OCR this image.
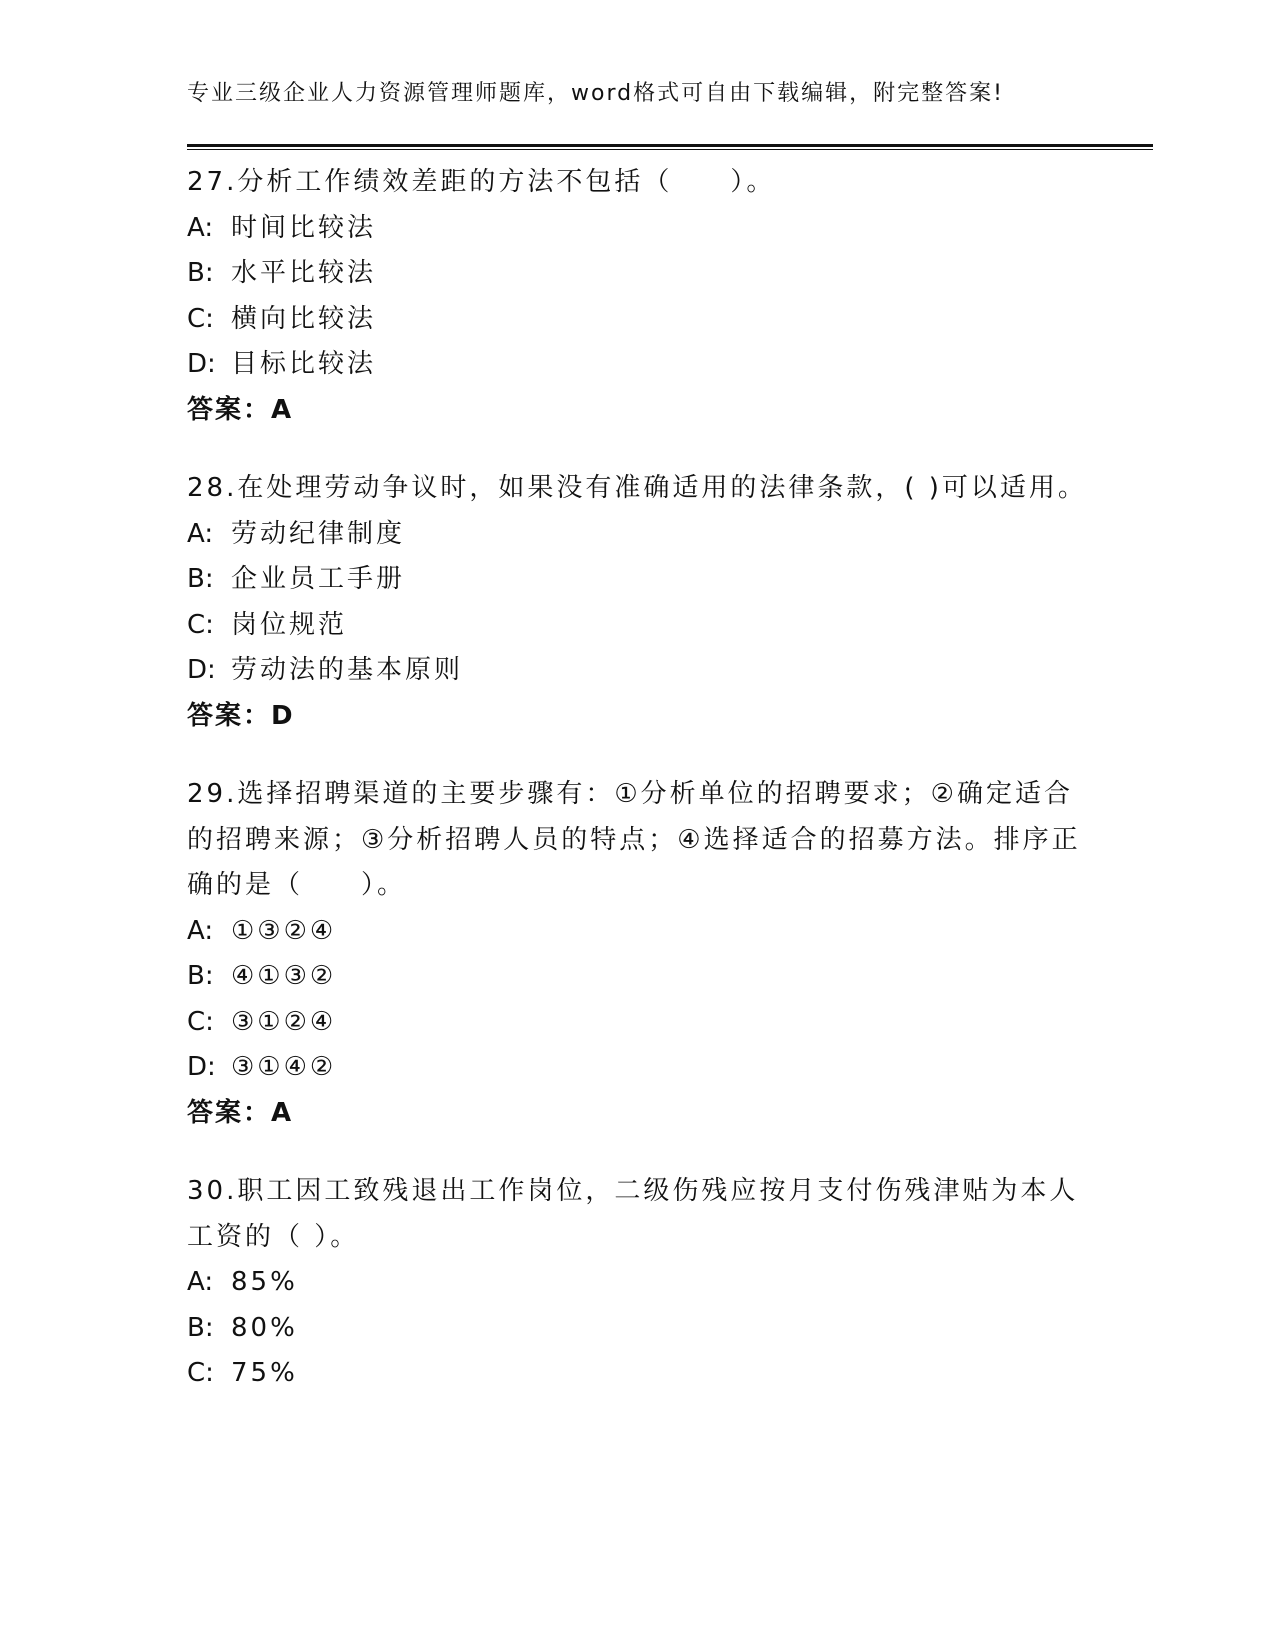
专业三级企业人力资源管理师题库，word格式可自由下载编辑，附完整答案!
27.分析工作绩效差距的方法不包括（　　）。
A: 时间比较法
B: 水平比较法
C: 横向比较法
D: 目标比较法
答案：A
28.在处理劳动争议时，如果没有准确适用的法律条款，( )可以适用。
A: 劳动纪律制度
B: 企业员工手册
C: 岗位规范
D: 劳动法的基本原则
答案：D
29.选择招聘渠道的主要步骤有：①分析单位的招聘要求；②确定适合的招聘来源；③分析招聘人员的特点；④选择适合的招募方法。排序正确的是（　　）。
A: ①③②④
B: ④①③②
C: ③①②④
D: ③①④②
答案：A
30.职工因工致残退出工作岗位，二级伤残应按月支付伤残津贴为本人工资的（ ）。
A: 85%
B: 80%
C: 75%
